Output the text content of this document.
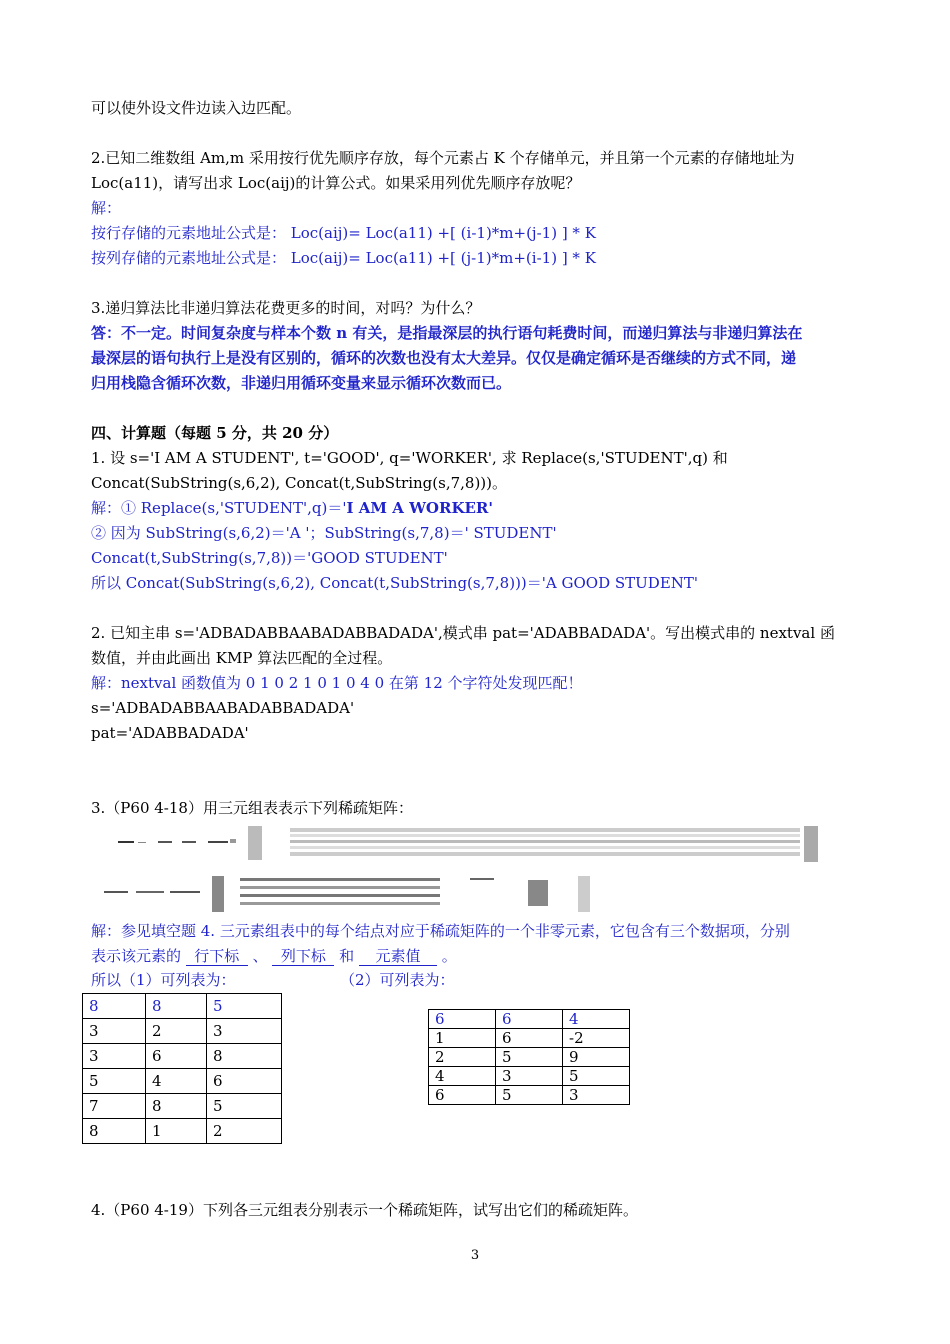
可以使外设文件边读入边匹配。
2.已知二维数组 Am,m 采用按行优先顺序存放，每个元素占 K 个存储单元，并且第一个元素的存储地址为
Loc(a11)，请写出求 Loc(aij)的计算公式。如果采用列优先顺序存放呢？
解：
按行存储的元素地址公式是： Loc(aij)= Loc(a11) +[ (i-1)*m+(j-1) ] * K
按列存储的元素地址公式是： Loc(aij)= Loc(a11) +[ (j-1)*m+(i-1) ] * K
3.递归算法比非递归算法花费更多的时间，对吗？为什么？
答：不一定。时间复杂度与样本个数 n 有关，是指最深层的执行语句耗费时间，而递归算法与非递归算法在
最深层的语句执行上是没有区别的，循环的次数也没有太大差异。仅仅是确定循环是否继续的方式不同，递
归用栈隐含循环次数，非递归用循环变量来显示循环次数而已。
四、计算题（每题 5 分，共 20 分）
1. 设 s='I AM A STUDENT', t='GOOD', q='WORKER', 求 Replace(s,'STUDENT',q) 和
Concat(SubString(s,6,2), Concat(t,SubString(s,7,8)))。
解：① Replace(s,'STUDENT',q)＝'I AM A WORKER'
② 因为 SubString(s,6,2)＝'A '；SubString(s,7,8)＝' STUDENT'
Concat(t,SubString(s,7,8))＝'GOOD STUDENT'
所以 Concat(SubString(s,6,2), Concat(t,SubString(s,7,8)))＝'A GOOD STUDENT'
2. 已知主串 s='ADBADABBAABADABBADADA',模式串 pat='ADABBADADA'。写出模式串的 nextval 函
数值，并由此画出 KMP 算法匹配的全过程。
解：nextval 函数值为 0 1 0 2 1 0 1 0 4 0 在第 12 个字符处发现匹配！
s='ADBADABBAABADABBADADA'
pat='ADABBADADA'
3.（P60 4-18）用三元组表表示下列稀疏矩阵：
解：参见填空题 4. 三元素组表中的每个结点对应于稀疏矩阵的一个非零元素，它包含有三个数据项，分别
表示该元素的 行下标 、 列下标 和 元素值 。
所以（1）可列表为：	（2）可列表为：
8	8	5
3	2	3
3	6	8
5	4	6
7	8	5
8	1	2
6	6	4
1	6	-2
2	5	9
4	3	5
6	5	3
4.（P60 4-19）下列各三元组表分别表示一个稀疏矩阵，试写出它们的稀疏矩阵。
3
